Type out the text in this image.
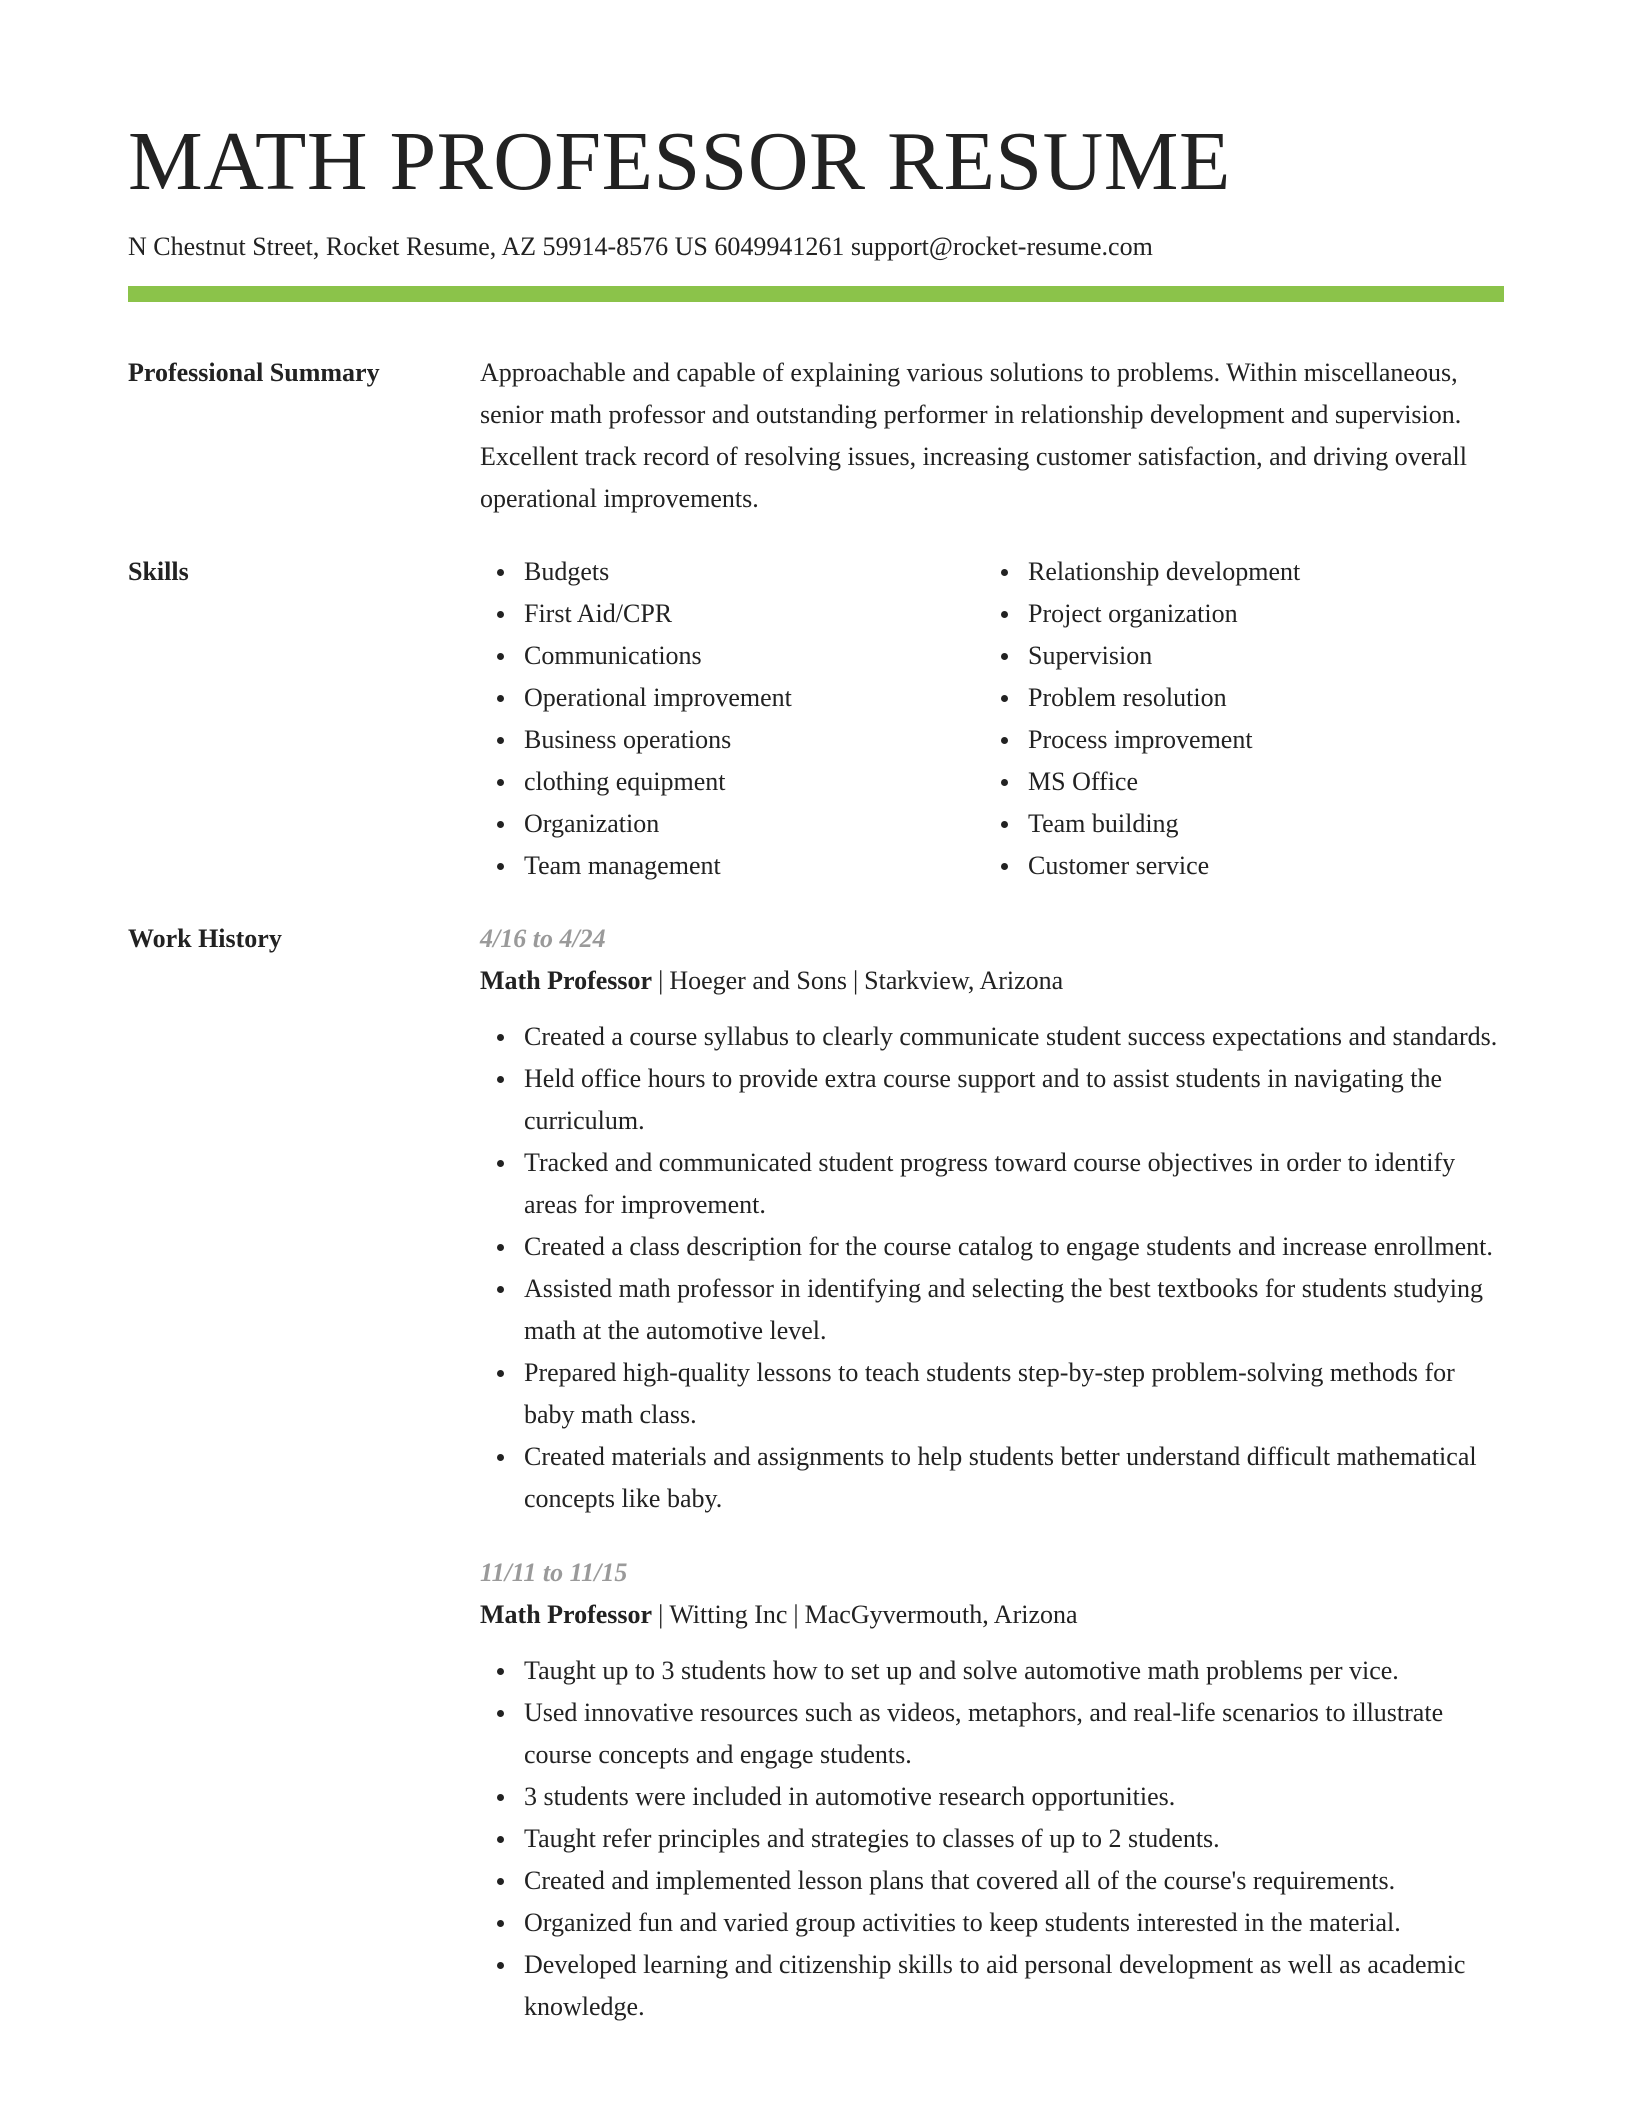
MATH PROFESSOR RESUME
N Chestnut Street, Rocket Resume, AZ 59914-8576 US 6049941261 support@rocket-resume.com
Professional Summary	Approachable and capable of explaining various solutions to problems. Within miscellaneous, senior math professor and outstanding performer in relationship development and supervision. Excellent track record of resolving issues, increasing customer satisfaction, and driving overall operational improvements.

Skills	Budgets
First Aid/CPR
Communications
Operational improvement
Business operations
clothing equipment
Organization
Team management
Relationship development
Project organization
Supervision
Problem resolution
Process improvement
MS Office
Team building
Customer service
Work History	4/16 to 4/24
Math Professor | Hoeger and Sons | Starkview, Arizona
Created a course syllabus to clearly communicate student success expectations and standards.
Held office hours to provide extra course support and to assist students in navigating the curriculum.
Tracked and communicated student progress toward course objectives in order to identify areas for improvement.
Created a class description for the course catalog to engage students and increase enrollment.
Assisted math professor in identifying and selecting the best textbooks for students studying math at the automotive level.
Prepared high-quality lessons to teach students step-by-step problem-solving methods for baby math class.
Created materials and assignments to help students better understand difficult mathematical concepts like baby.
11/11 to 11/15
Math Professor | Witting Inc | MacGyvermouth, Arizona
Taught up to 3 students how to set up and solve automotive math problems per vice.
Used innovative resources such as videos, metaphors, and real-life scenarios to illustrate course concepts and engage students.
3 students were included in automotive research opportunities.
Taught refer principles and strategies to classes of up to 2 students.
Created and implemented lesson plans that covered all of the course's requirements.
Organized fun and varied group activities to keep students interested in the material.
Developed learning and citizenship skills to aid personal development as well as academic knowledge.
